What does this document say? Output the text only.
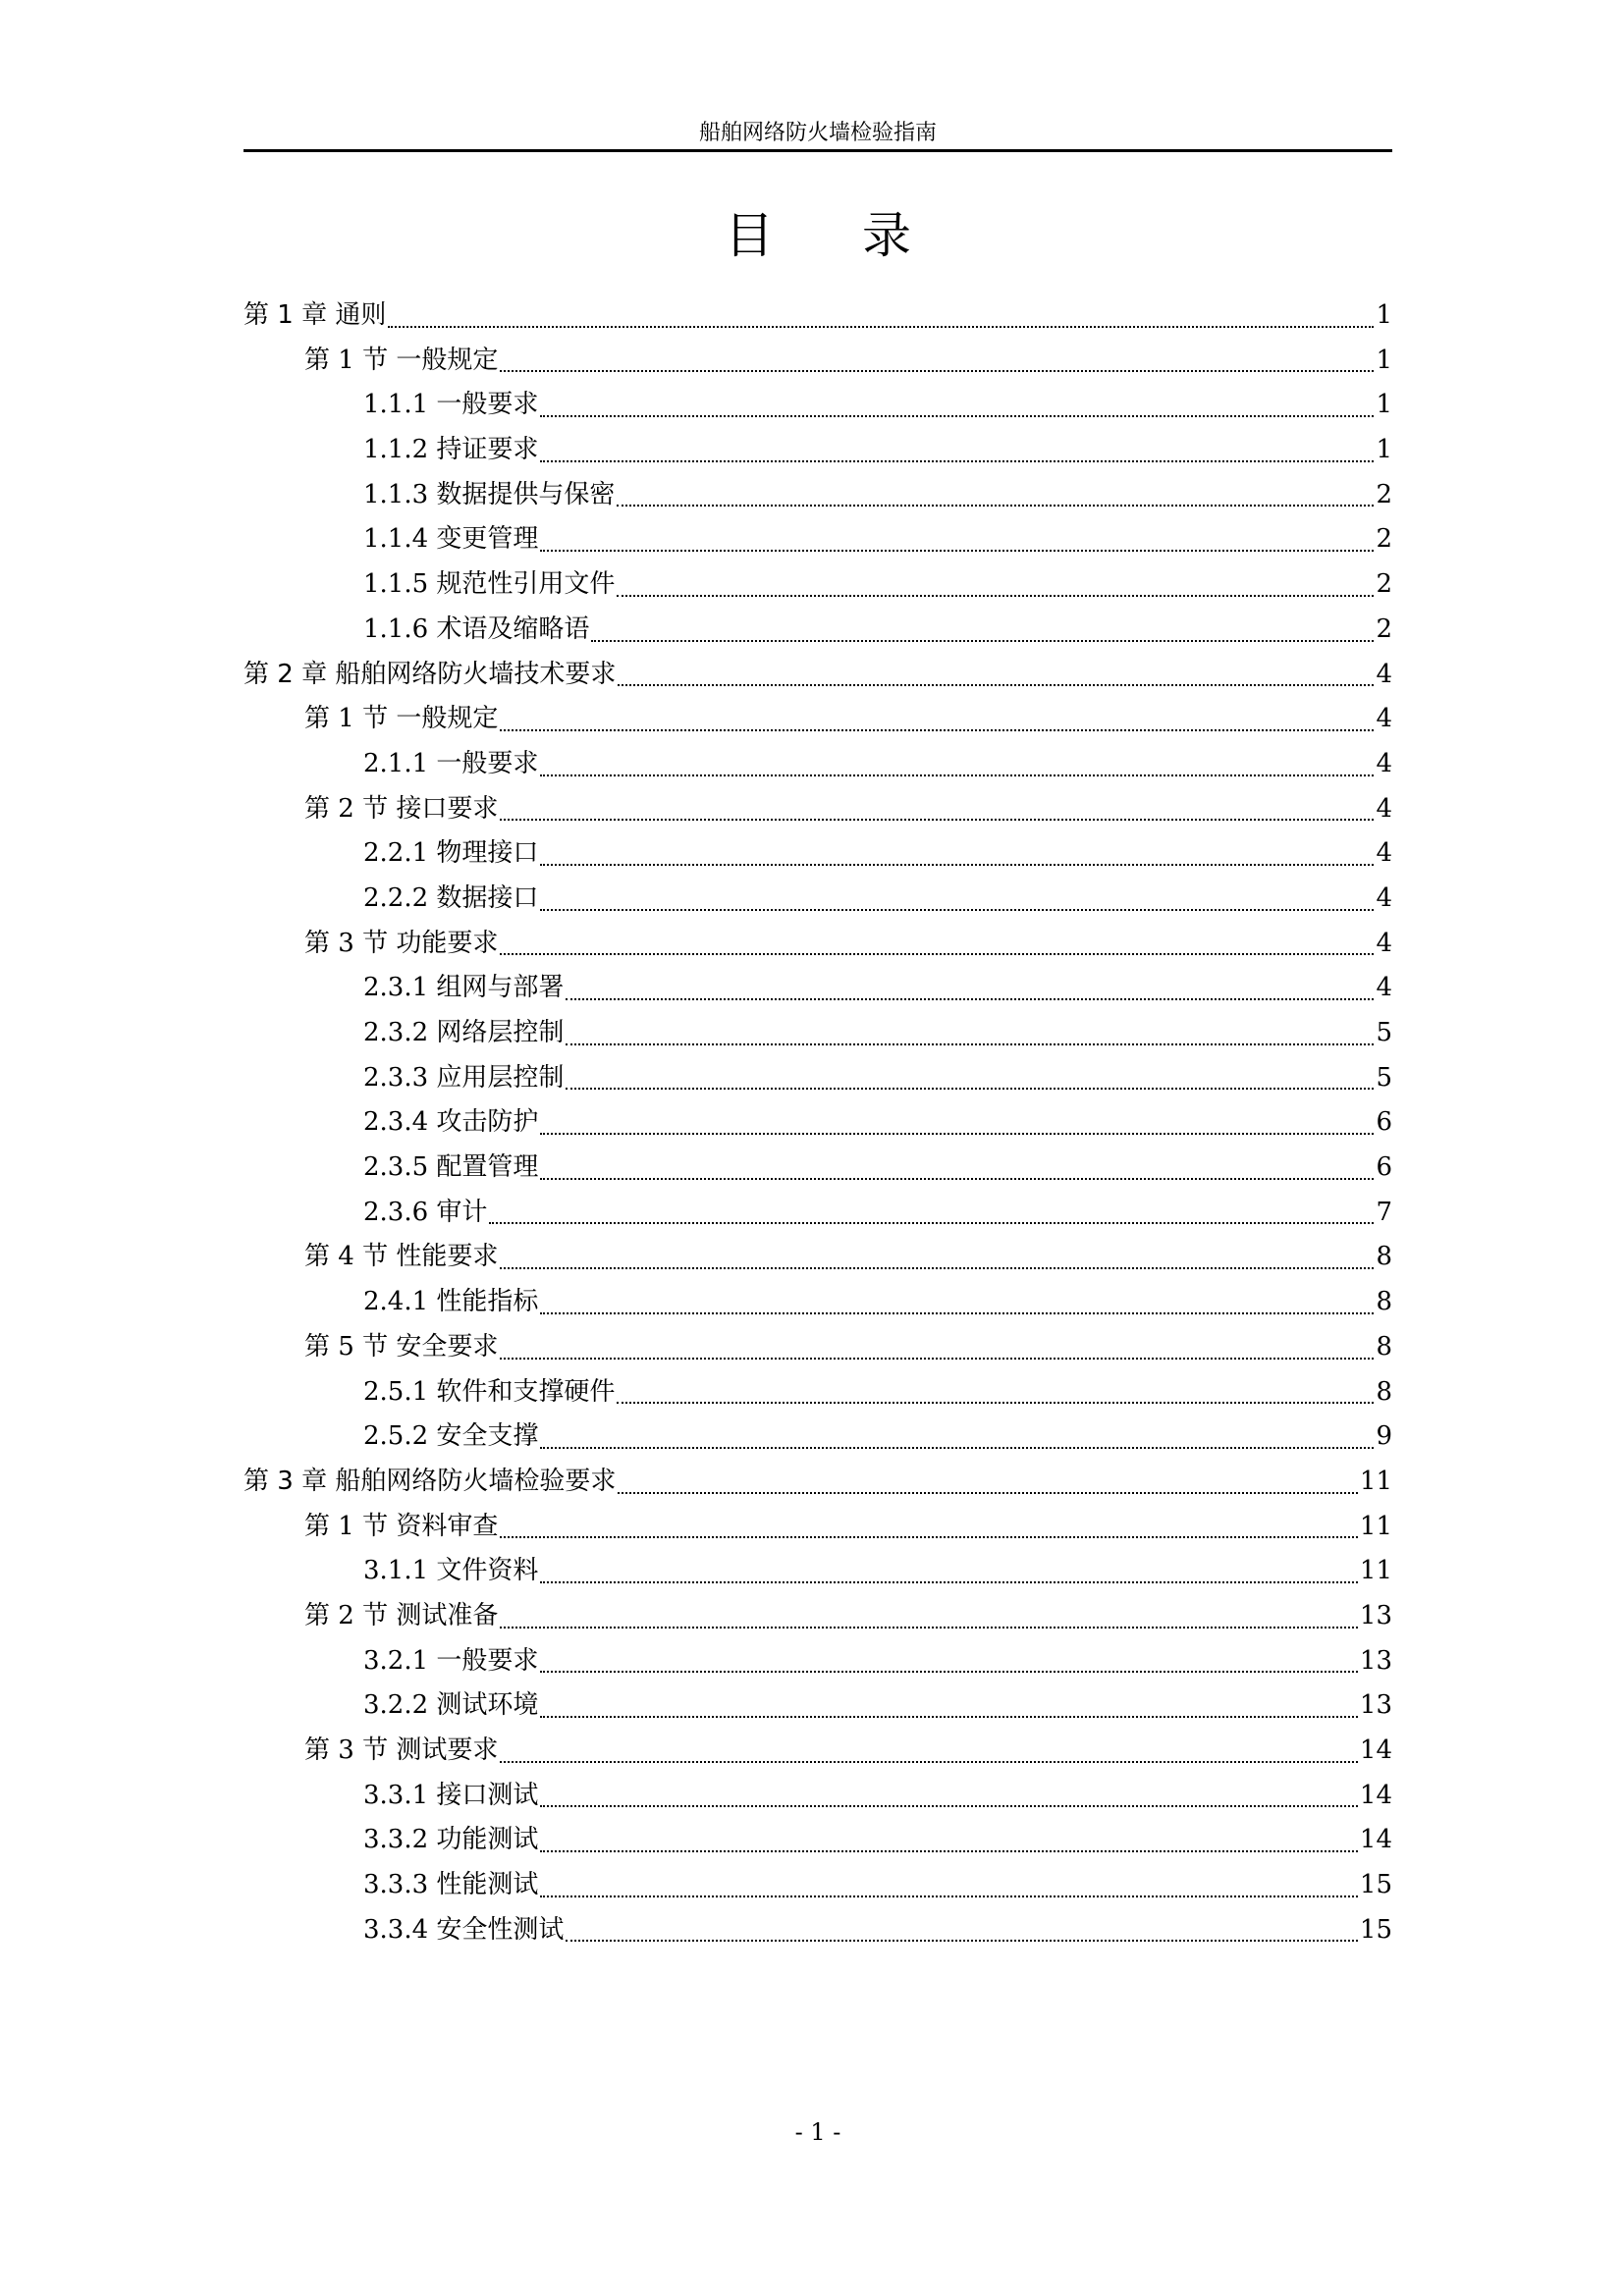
船舶网络防火墙检验指南
目录
第 1 章 通则	1
第 1 节 一般规定	1
1.1.1 一般要求	1
1.1.2 持证要求	1
1.1.3 数据提供与保密	2
1.1.4 变更管理	2
1.1.5 规范性引用文件	2
1.1.6 术语及缩略语	2
第 2 章 船舶网络防火墙技术要求	4
第 1 节 一般规定	4
2.1.1 一般要求	4
第 2 节 接口要求	4
2.2.1 物理接口	4
2.2.2 数据接口	4
第 3 节 功能要求	4
2.3.1 组网与部署	4
2.3.2 网络层控制	5
2.3.3 应用层控制	5
2.3.4 攻击防护	6
2.3.5 配置管理	6
2.3.6 审计	7
第 4 节 性能要求	8
2.4.1 性能指标	8
第 5 节 安全要求	8
2.5.1 软件和支撑硬件	8
2.5.2 安全支撑	9
第 3 章 船舶网络防火墙检验要求	11
第 1 节 资料审查	11
3.1.1 文件资料	11
第 2 节 测试准备	13
3.2.1 一般要求	13
3.2.2 测试环境	13
第 3 节 测试要求	14
3.3.1 接口测试	14
3.3.2 功能测试	14
3.3.3 性能测试	15
3.3.4 安全性测试	15
- 1 -
